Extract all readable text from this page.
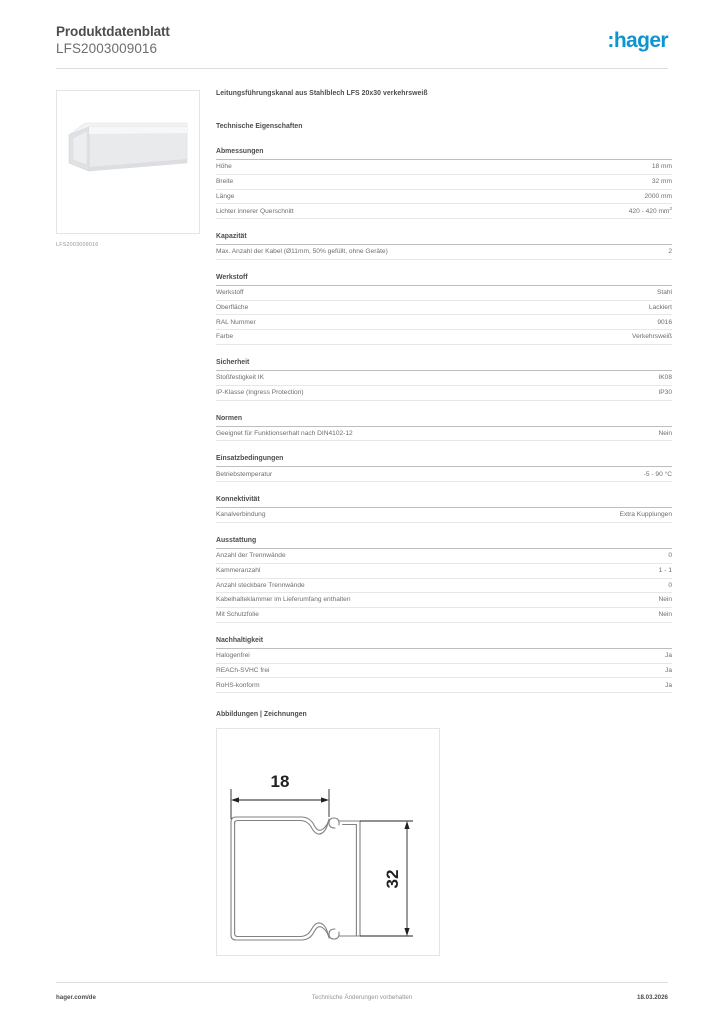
Produktdatenblatt
LFS2003009016	:hager
LFS2003009016
Leitungsführungskanal aus Stahlblech LFS 20x30 verkehrsweiß
Technische Eigenschaften
Abmessungen
Höhe	18 mm
Breite	32 mm
Länge	2000 mm
Lichter innerer Querschnitt	420 - 420 $mm^2$
Kapazität
Max. Anzahl der Kabel (Ø11mm, 50% gefüllt, ohne Geräte)	2
Werkstoff
Werkstoff	Stahl
Oberfläche	Lackiert
RAL Nummer	9016
Farbe	Verkehrsweiß
Sicherheit
Stoßfestigkeit IK	IK08
IP-Klasse (Ingress Protection)	IP30
Normen
Geeignet für Funktionserhalt nach DIN4102-12	Nein
Einsatzbedingungen
Betriebstemperatur	-5 - 90 °C
Konnektivität
Kanalverbindung	Extra Kupplungen
Ausstattung
Anzahl der Trennwände	0
Kammeranzahl	1 - 1
Anzahl steckbare Trennwände	0
Kabelhalteklammer im Lieferumfang enthalten	Nein
Mit Schutzfolie	Nein
Nachhaltigkeit
Halogenfrei	Ja
REACh-SVHC frei	Ja
RoHS-konform	Ja
Abbildungen | Zeichnungen
18
32
hager.com/de	Technische Änderungen vorbehalten	18.03.2026
